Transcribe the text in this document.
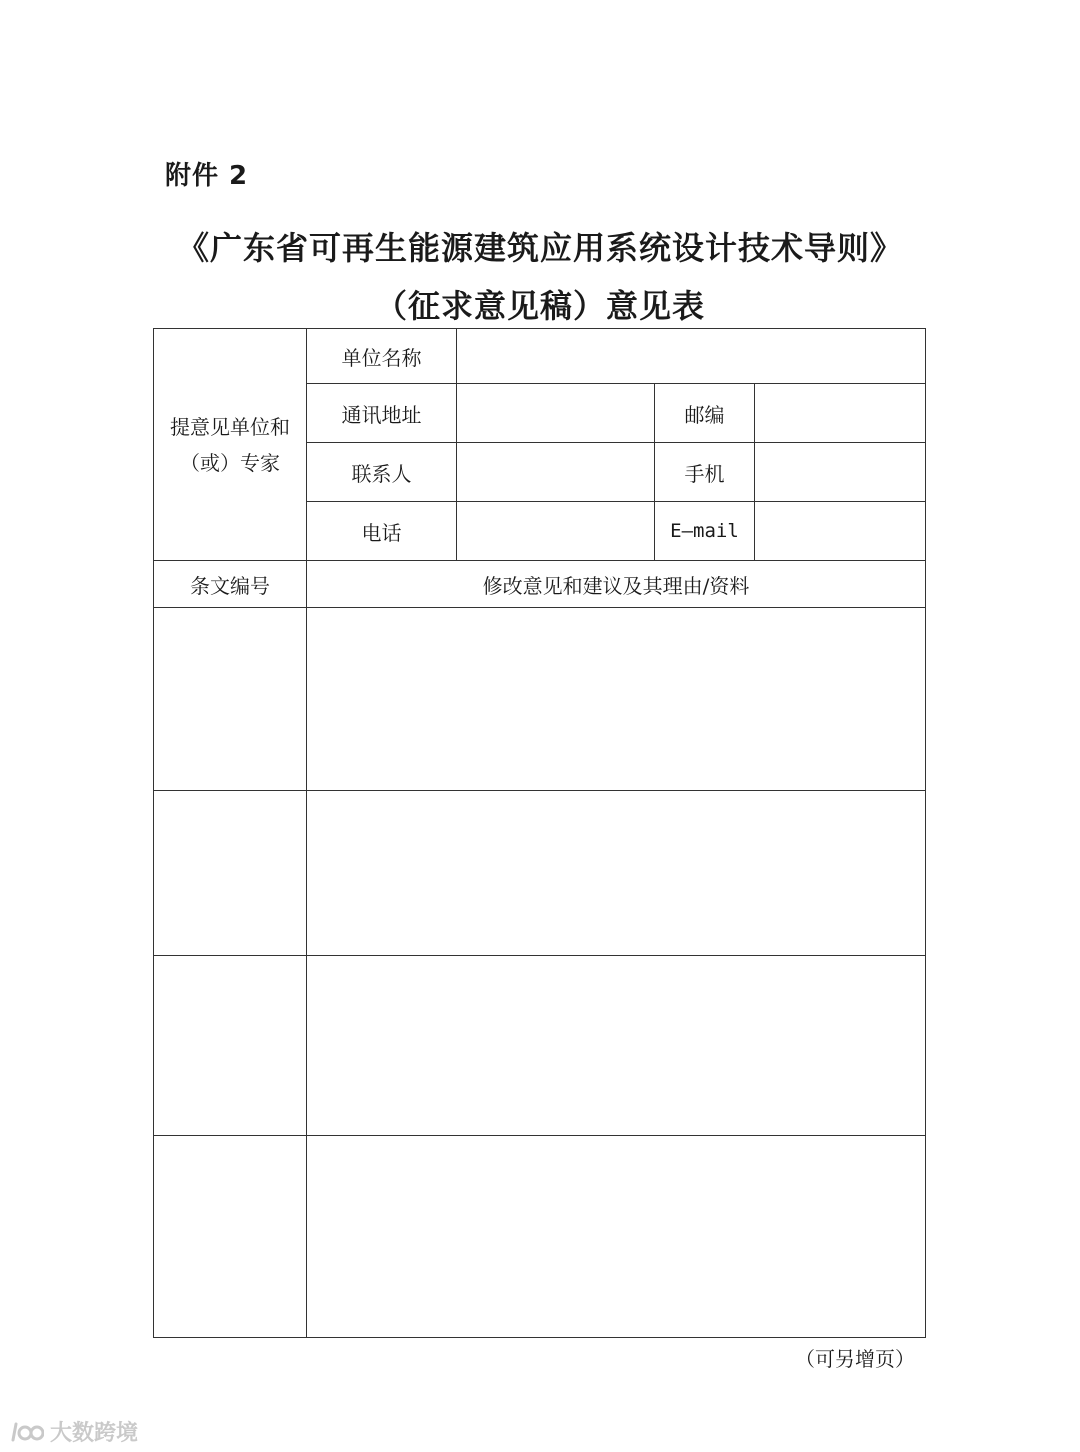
附件 2
《广东省可再生能源建筑应用系统设计技术导则》
（征求意见稿）意见表
提意见单位和
（或）专家	单位名称			
	通讯地址		邮编	
	联系人		手机	
	电话		E—mail	
条文编号	修改意见和建议及其理由/资料			

（可另增页）
大数跨境
